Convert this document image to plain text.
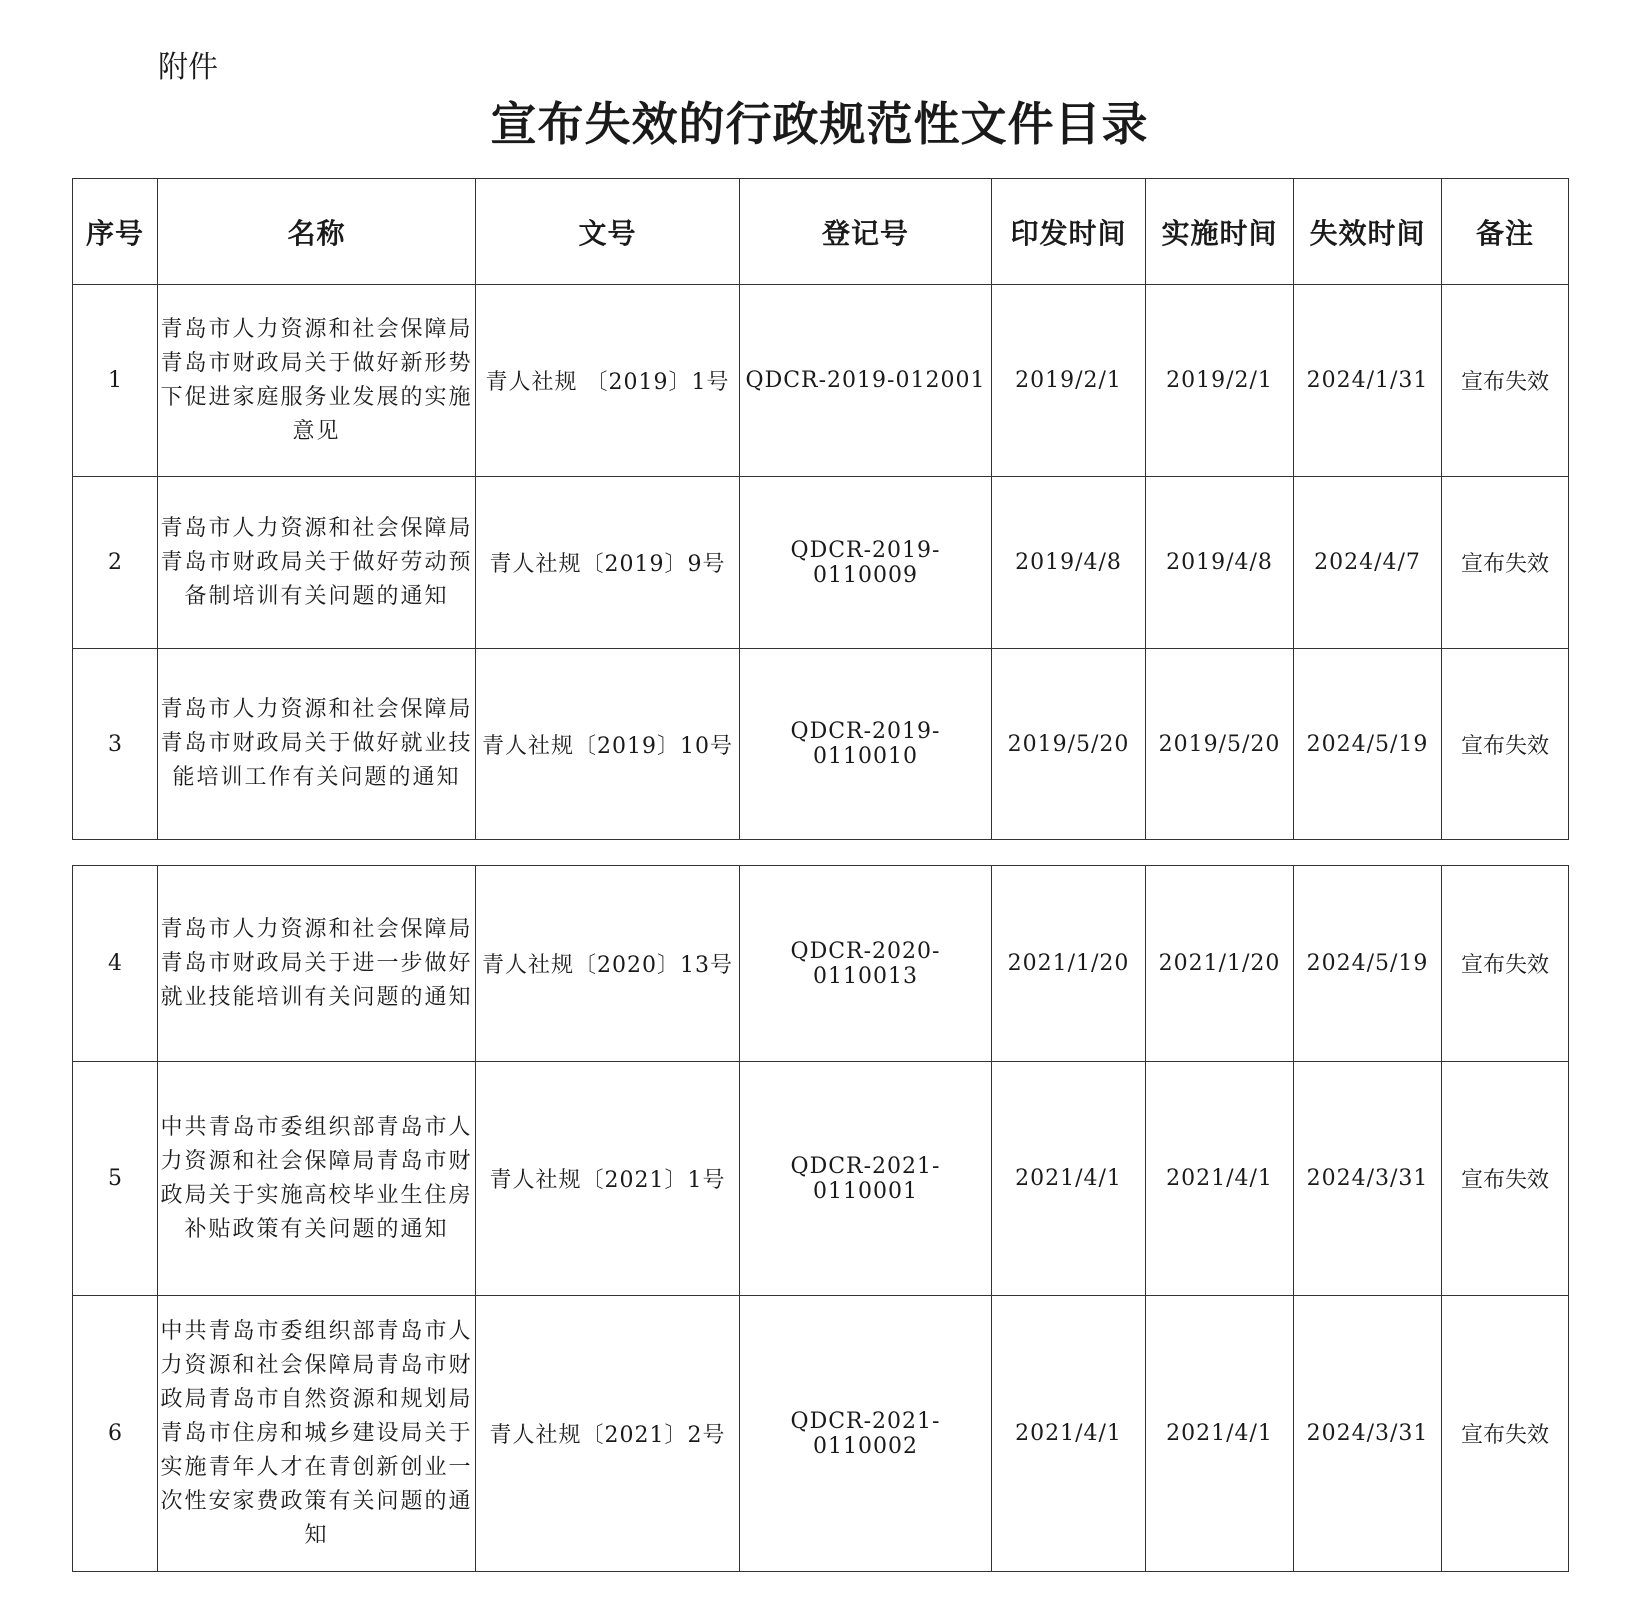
附件
宣布失效的行政规范性文件目录
序号	名称	文号	登记号	印发时间	实施时间	失效时间	备注
1	青岛市人力资源和社会保障局青岛市财政局关于做好新形势下促进家庭服务业发展的实施意见	青人社规 〔2019〕1号	QDCR-2019-012001	2019/2/1	2019/2/1	2024/1/31	宣布失效
2	青岛市人力资源和社会保障局青岛市财政局关于做好劳动预备制培训有关问题的通知	青人社规〔2019〕9号	QDCR-2019-0110009	2019/4/8	2019/4/8	2024/4/7	宣布失效
3	青岛市人力资源和社会保障局青岛市财政局关于做好就业技能培训工作有关问题的通知	青人社规〔2019〕10号	QDCR-2019-0110010	2019/5/20	2019/5/20	2024/5/19	宣布失效
4	青岛市人力资源和社会保障局青岛市财政局关于进一步做好就业技能培训有关问题的通知	青人社规〔2020〕13号	QDCR-2020-0110013	2021/1/20	2021/1/20	2024/5/19	宣布失效
5	中共青岛市委组织部青岛市人力资源和社会保障局青岛市财政局关于实施高校毕业生住房补贴政策有关问题的通知	青人社规〔2021〕1号	QDCR-2021-0110001	2021/4/1	2021/4/1	2024/3/31	宣布失效
6	中共青岛市委组织部青岛市人力资源和社会保障局青岛市财政局青岛市自然资源和规划局青岛市住房和城乡建设局关于实施青年人才在青创新创业一次性安家费政策有关问题的通知	青人社规〔2021〕2号	QDCR-2021-0110002	2021/4/1	2021/4/1	2024/3/31	宣布失效
